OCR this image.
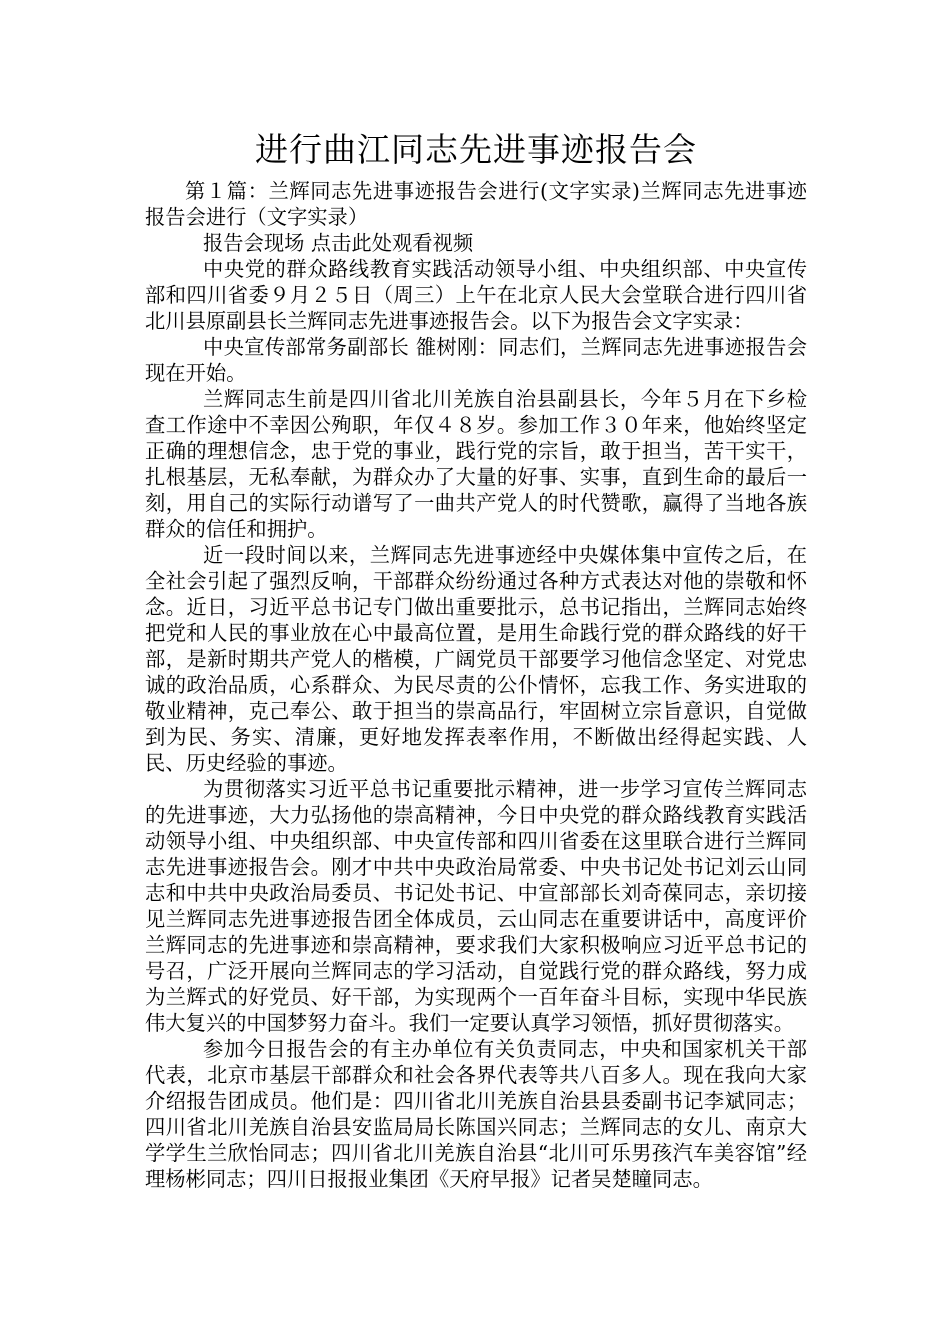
进行曲江同志先进事迹报告会

第１篇：兰辉同志先进事迹报告会进行(文字实录)兰辉同志先进事迹报告会进行（文字实录）

报告会现场 点击此处观看视频

中央党的群众路线教育实践活动领导小组、中央组织部、中央宣传部和四川省委９月２５日（周三）上午在北京人民大会堂联合进行四川省北川县原副县长兰辉同志先进事迹报告会。以下为报告会文字实录：

中央宣传部常务副部长 雒树刚：同志们，兰辉同志先进事迹报告会现在开始。

兰辉同志生前是四川省北川羌族自治县副县长，今年５月在下乡检查工作途中不幸因公殉职，年仅４８岁。参加工作３０年来，他始终坚定正确的理想信念，忠于党的事业，践行党的宗旨，敢于担当，苦干实干，扎根基层，无私奉献，为群众办了大量的好事、实事，直到生命的最后一刻，用自己的实际行动谱写了一曲共产党人的时代赞歌，赢得了当地各族群众的信任和拥护。

近一段时间以来，兰辉同志先进事迹经中央媒体集中宣传之后，在全社会引起了强烈反响，干部群众纷纷通过各种方式表达对他的崇敬和怀念。近日，习近平总书记专门做出重要批示，总书记指出，兰辉同志始终把党和人民的事业放在心中最高位置，是用生命践行党的群众路线的好干部，是新时期共产党人的楷模，广阔党员干部要学习他信念坚定、对党忠诚的政治品质，心系群众、为民尽责的公仆情怀，忘我工作、务实进取的敬业精神，克己奉公、敢于担当的崇高品行，牢固树立宗旨意识，自觉做到为民、务实、清廉，更好地发挥表率作用，不断做出经得起实践、人民、历史经验的事迹。

为贯彻落实习近平总书记重要批示精神，进一步学习宣传兰辉同志的先进事迹，大力弘扬他的崇高精神，今日中央党的群众路线教育实践活动领导小组、中央组织部、中央宣传部和四川省委在这里联合进行兰辉同志先进事迹报告会。刚才中共中央政治局常委、中央书记处书记刘云山同志和中共中央政治局委员、书记处书记、中宣部部长刘奇葆同志，亲切接见兰辉同志先进事迹报告团全体成员，云山同志在重要讲话中，高度评价兰辉同志的先进事迹和崇高精神，要求我们大家积极响应习近平总书记的号召，广泛开展向兰辉同志的学习活动，自觉践行党的群众路线，努力成为兰辉式的好党员、好干部，为实现两个一百年奋斗目标，实现中华民族伟大复兴的中国梦努力奋斗。我们一定要认真学习领悟，抓好贯彻落实。

参加今日报告会的有主办单位有关负责同志，中央和国家机关干部代表，北京市基层干部群众和社会各界代表等共八百多人。现在我向大家介绍报告团成员。他们是：四川省北川羌族自治县县委副书记李斌同志；四川省北川羌族自治县安监局局长陈国兴同志；兰辉同志的女儿、南京大学学生兰欣怡同志；四川省北川羌族自治县“北川可乐男孩汽车美容馆”经理杨彬同志；四川日报报业集团《天府早报》记者吴楚瞳同志。
